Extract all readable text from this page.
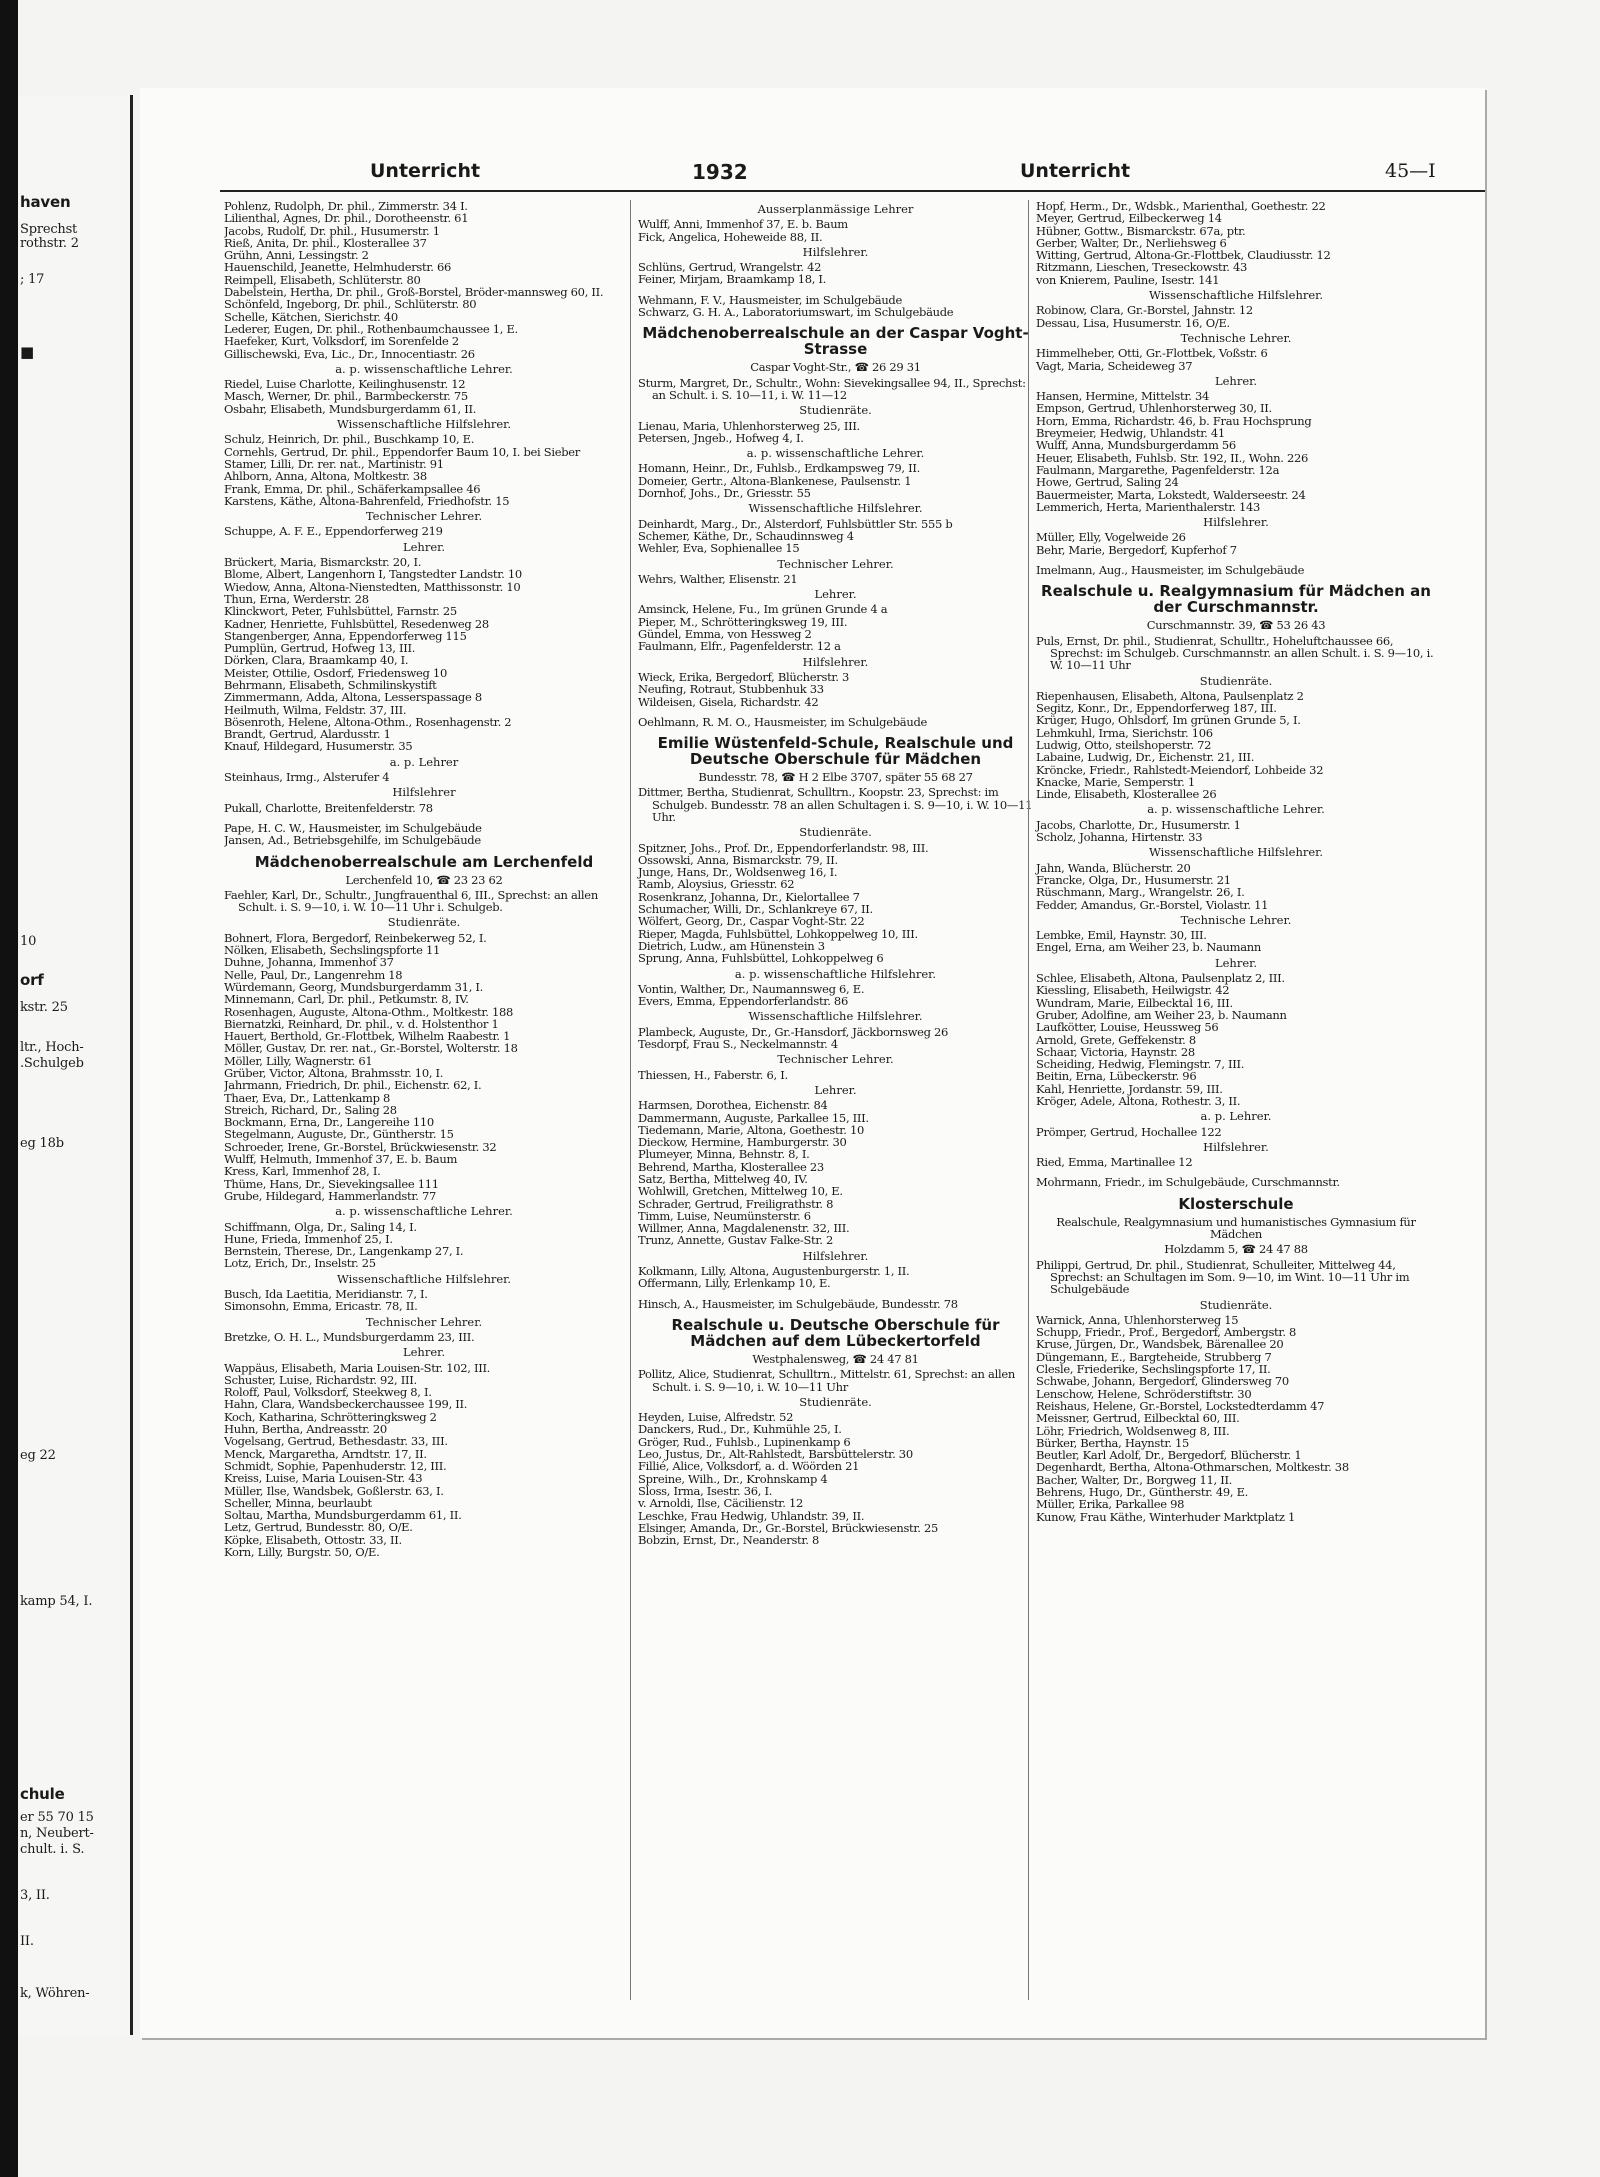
haven
Sprechst
rothstr. 2
; 17
■
10
orf
kstr. 25
ltr., Hoch-
.Schulgeb
eg 18b
eg 22
kamp 54, I.
chule
er 55 70 15
n, Neubert-
chult. i. S.
3, II.
II.
k, Wöhren-
Unterricht	1932	Unterricht	45—I
Pohlenz, Rudolph, Dr. phil., Zimmerstr. 34 I.
Lilienthal, Agnes, Dr. phil., Dorotheenstr. 61
Jacobs, Rudolf, Dr. phil., Husumerstr. 1
Rieß, Anita, Dr. phil., Klosterallee 37
Grühn, Anni, Lessingstr. 2
Hauenschild, Jeanette, Helmhuderstr. 66
Reimpell, Elisabeth, Schlüterstr. 80
Dabelstein, Hertha, Dr. phil., Groß-Borstel, Bröder-mannsweg 60, II.
Schönfeld, Ingeborg, Dr. phil., Schlüterstr. 80
Schelle, Kätchen, Sierichstr. 40
Lederer, Eugen, Dr. phil., Rothenbaumchaussee 1, E.
Haefeker, Kurt, Volksdorf, im Sorenfelde 2
Gillischewski, Eva, Lic., Dr., Innocentiastr. 26
a. p. wissenschaftliche Lehrer.
Riedel, Luise Charlotte, Keilinghusenstr. 12
Masch, Werner, Dr. phil., Barmbeckerstr. 75
Osbahr, Elisabeth, Mundsburgerdamm 61, II.
Wissenschaftliche Hilfslehrer.
Schulz, Heinrich, Dr. phil., Buschkamp 10, E.
Cornehls, Gertrud, Dr. phil., Eppendorfer Baum 10, I. bei Sieber
Stamer, Lilli, Dr. rer. nat., Martinistr. 91
Ahlborn, Anna, Altona, Moltkestr. 38
Frank, Emma, Dr. phil., Schäferkampsallee 46
Karstens, Käthe, Altona-Bahrenfeld, Friedhofstr. 15
Technischer Lehrer.
Schuppe, A. F. E., Eppendorferweg 219
Lehrer.
Brückert, Maria, Bismarckstr. 20, I.
Blome, Albert, Langenhorn I, Tangstedter Landstr. 10
Wiedow, Anna, Altona-Nienstedten, Matthissonstr. 10
Thun, Erna, Werderstr. 28
Klinckwort, Peter, Fuhlsbüttel, Farnstr. 25
Kadner, Henriette, Fuhlsbüttel, Resedenweg 28
Stangenberger, Anna, Eppendorferweg 115
Pumplün, Gertrud, Hofweg 13, III.
Dörken, Clara, Braamkamp 40, I.
Meister, Ottilie, Osdorf, Friedensweg 10
Behrmann, Elisabeth, Schmilinskystift
Zimmermann, Adda, Altona, Lesserspassage 8
Heilmuth, Wilma, Feldstr. 37, III.
Bösenroth, Helene, Altona-Othm., Rosenhagenstr. 2
Brandt, Gertrud, Alardusstr. 1
Knauf, Hildegard, Husumerstr. 35
a. p. Lehrer
Steinhaus, Irmg., Alsterufer 4
Hilfslehrer
Pukall, Charlotte, Breitenfelderstr. 78
Pape, H. C. W., Hausmeister, im Schulgebäude
Jansen, Ad., Betriebsgehilfe, im Schulgebäude
Mädchenoberrealschule am Lerchenfeld
Lerchenfeld 10, ☎ 23 23 62
Faehler, Karl, Dr., Schultr., Jungfrauenthal 6, III., Sprechst: an allen Schult. i. S. 9—10, i. W. 10—11 Uhr i. Schulgeb.
Studienräte.
Bohnert, Flora, Bergedorf, Reinbekerweg 52, I.
Nölken, Elisabeth, Sechslingspforte 11
Duhne, Johanna, Immenhof 37
Nelle, Paul, Dr., Langenrehm 18
Würdemann, Georg, Mundsburgerdamm 31, I.
Minnemann, Carl, Dr. phil., Petkumstr. 8, IV.
Rosenhagen, Auguste, Altona-Othm., Moltkestr. 188
Biernatzki, Reinhard, Dr. phil., v. d. Holstenthor 1
Hauert, Berthold, Gr.-Flottbek, Wilhelm Raabestr. 1
Möller, Gustav, Dr. rer. nat., Gr.-Borstel, Wolterstr. 18
Möller, Lilly, Wagnerstr. 61
Grüber, Victor, Altona, Brahmsstr. 10, I.
Jahrmann, Friedrich, Dr. phil., Eichenstr. 62, I.
Thaer, Eva, Dr., Lattenkamp 8
Streich, Richard, Dr., Saling 28
Bockmann, Erna, Dr., Langereihe 110
Stegelmann, Auguste, Dr., Güntherstr. 15
Schroeder, Irene, Gr.-Borstel, Brückwiesenstr. 32
Wulff, Helmuth, Immenhof 37, E. b. Baum
Kress, Karl, Immenhof 28, I.
Thüme, Hans, Dr., Sievekingsallee 111
Grube, Hildegard, Hammerlandstr. 77
a. p. wissenschaftliche Lehrer.
Schiffmann, Olga, Dr., Saling 14, I.
Hune, Frieda, Immenhof 25, I.
Bernstein, Therese, Dr., Langenkamp 27, I.
Lotz, Erich, Dr., Inselstr. 25
Wissenschaftliche Hilfslehrer.
Busch, Ida Laetitia, Meridianstr. 7, I.
Simonsohn, Emma, Ericastr. 78, II.
Technischer Lehrer.
Bretzke, O. H. L., Mundsburgerdamm 23, III.
Lehrer.
Wappäus, Elisabeth, Maria Louisen-Str. 102, III.
Schuster, Luise, Richardstr. 92, III.
Roloff, Paul, Volksdorf, Steekweg 8, I.
Hahn, Clara, Wandsbeckerchaussee 199, II.
Koch, Katharina, Schrötteringksweg 2
Huhn, Bertha, Andreasstr. 20
Vogelsang, Gertrud, Bethesdastr. 33, III.
Menck, Margaretha, Arndtstr. 17, II.
Schmidt, Sophie, Papenhuderstr. 12, III.
Kreiss, Luise, Maria Louisen-Str. 43
Müller, Ilse, Wandsbek, Goßlerstr. 63, I.
Scheller, Minna, beurlaubt
Soltau, Martha, Mundsburgerdamm 61, II.
Letz, Gertrud, Bundesstr. 80, O/E.
Köpke, Elisabeth, Ottostr. 33, II.
Korn, Lilly, Burgstr. 50, O/E.
Ausserplanmässige Lehrer
Wulff, Anni, Immenhof 37, E. b. Baum
Fick, Angelica, Hoheweide 88, II.
Hilfslehrer.
Schlüns, Gertrud, Wrangelstr. 42
Feiner, Mirjam, Braamkamp 18, I.
Wehmann, F. V., Hausmeister, im Schulgebäude
Schwarz, G. H. A., Laboratoriumswart, im Schulgebäude
Mädchenoberrealschule an der Caspar Voght-Strasse
Caspar Voght-Str., ☎ 26 29 31
Sturm, Margret, Dr., Schultr., Wohn: Sievekingsallee 94, II., Sprechst: an Schult. i. S. 10—11, i. W. 11—12
Studienräte.
Lienau, Maria, Uhlenhorsterweg 25, III.
Petersen, Jngeb., Hofweg 4, I.
a. p. wissenschaftliche Lehrer.
Homann, Heinr., Dr., Fuhlsb., Erdkampsweg 79, II.
Domeier, Gertr., Altona-Blankenese, Paulsenstr. 1
Dornhof, Johs., Dr., Griesstr. 55
Wissenschaftliche Hilfslehrer.
Deinhardt, Marg., Dr., Alsterdorf, Fuhlsbüttler Str. 555 b
Schemer, Käthe, Dr., Schaudinnsweg 4
Wehler, Eva, Sophienallee 15
Technischer Lehrer.
Wehrs, Walther, Elisenstr. 21
Lehrer.
Amsinck, Helene, Fu., Im grünen Grunde 4 a
Pieper, M., Schrötteringksweg 19, III.
Gündel, Emma, von Hessweg 2
Faulmann, Elfr., Pagenfelderstr. 12 a
Hilfslehrer.
Wieck, Erika, Bergedorf, Blücherstr. 3
Neufing, Rotraut, Stubbenhuk 33
Wildeisen, Gisela, Richardstr. 42
Oehlmann, R. M. O., Hausmeister, im Schulgebäude
Emilie Wüstenfeld-Schule, Realschule und Deutsche Oberschule für Mädchen
Bundesstr. 78, ☎ H 2 Elbe 3707, später 55 68 27
Dittmer, Bertha, Studienrat, Schulltrn., Koopstr. 23, Sprechst: im Schulgeb. Bundesstr. 78 an allen Schultagen i. S. 9—10, i. W. 10—11 Uhr.
Studienräte.
Spitzner, Johs., Prof. Dr., Eppendorferlandstr. 98, III.
Ossowski, Anna, Bismarckstr. 79, II.
Junge, Hans, Dr., Woldsenweg 16, I.
Ramb, Aloysius, Griesstr. 62
Rosenkranz, Johanna, Dr., Kielortallee 7
Schumacher, Willi, Dr., Schlankreye 67, II.
Wölfert, Georg, Dr., Caspar Voght-Str. 22
Rieper, Magda, Fuhlsbüttel, Lohkoppelweg 10, III.
Dietrich, Ludw., am Hünenstein 3
Sprung, Anna, Fuhlsbüttel, Lohkoppelweg 6
a. p. wissenschaftliche Hilfslehrer.
Vontin, Walther, Dr., Naumannsweg 6, E.
Evers, Emma, Eppendorferlandstr. 86
Wissenschaftliche Hilfslehrer.
Plambeck, Auguste, Dr., Gr.-Hansdorf, Jäckbornsweg 26
Tesdorpf, Frau S., Neckelmannstr. 4
Technischer Lehrer.
Thiessen, H., Faberstr. 6, I.
Lehrer.
Harmsen, Dorothea, Eichenstr. 84
Dammermann, Auguste, Parkallee 15, III.
Tiedemann, Marie, Altona, Goethestr. 10
Dieckow, Hermine, Hamburgerstr. 30
Plumeyer, Minna, Behnstr. 8, I.
Behrend, Martha, Klosterallee 23
Satz, Bertha, Mittelweg 40, IV.
Wohlwill, Gretchen, Mittelweg 10, E.
Schrader, Gertrud, Freiligrathstr. 8
Timm, Luise, Neumünsterstr. 6
Willmer, Anna, Magdalenenstr. 32, III.
Trunz, Annette, Gustav Falke-Str. 2
Hilfslehrer.
Kolkmann, Lilly, Altona, Augustenburgerstr. 1, II.
Offermann, Lilly, Erlenkamp 10, E.
Hinsch, A., Hausmeister, im Schulgebäude, Bundesstr. 78
Realschule u. Deutsche Oberschule für Mädchen auf dem Lübeckertorfeld
Westphalensweg, ☎ 24 47 81
Pollitz, Alice, Studienrat, Schulltrn., Mittelstr. 61, Sprechst: an allen Schult. i. S. 9—10, i. W. 10—11 Uhr
Studienräte.
Heyden, Luise, Alfredstr. 52
Danckers, Rud., Dr., Kuhmühle 25, I.
Gröger, Rud., Fuhlsb., Lupinenkamp 6
Leo, Justus, Dr., Alt-Rahlstedt, Barsbüttelerstr. 30
Fillié, Alice, Volksdorf, a. d. Wöörden 21
Spreine, Wilh., Dr., Krohnskamp 4
Sloss, Irma, Isestr. 36, I.
v. Arnoldi, Ilse, Cäcilienstr. 12
Leschke, Frau Hedwig, Uhlandstr. 39, II.
Elsinger, Amanda, Dr., Gr.-Borstel, Brückwiesenstr. 25
Bobzin, Ernst, Dr., Neanderstr. 8
Hopf, Herm., Dr., Wdsbk., Marienthal, Goethestr. 22
Meyer, Gertrud, Eilbeckerweg 14
Hübner, Gottw., Bismarckstr. 67a, ptr.
Gerber, Walter, Dr., Nerliehsweg 6
Witting, Gertrud, Altona-Gr.-Flottbek, Claudiusstr. 12
Ritzmann, Lieschen, Treseckowstr. 43
von Knierem, Pauline, Isestr. 141
Wissenschaftliche Hilfslehrer.
Robinow, Clara, Gr.-Borstel, Jahnstr. 12
Dessau, Lisa, Husumerstr. 16, O/E.
Technische Lehrer.
Himmelheber, Otti, Gr.-Flottbek, Voßstr. 6
Vagt, Maria, Scheideweg 37
Lehrer.
Hansen, Hermine, Mittelstr. 34
Empson, Gertrud, Uhlenhorsterweg 30, II.
Horn, Emma, Richardstr. 46, b. Frau Hochsprung
Breymeier, Hedwig, Uhlandstr. 41
Wulff, Anna, Mundsburgerdamm 56
Heuer, Elisabeth, Fuhlsb. Str. 192, II., Wohn. 226
Faulmann, Margarethe, Pagenfelderstr. 12a
Howe, Gertrud, Saling 24
Bauermeister, Marta, Lokstedt, Walderseestr. 24
Lemmerich, Herta, Marienthalerstr. 143
Hilfslehrer.
Müller, Elly, Vogelweide 26
Behr, Marie, Bergedorf, Kupferhof 7
Imelmann, Aug., Hausmeister, im Schulgebäude
Realschule u. Realgymnasium für Mädchen an der Curschmannstr.
Curschmannstr. 39, ☎ 53 26 43
Puls, Ernst, Dr. phil., Studienrat, Schulltr., Hoheluftchaussee 66, Sprechst: im Schulgeb. Curschmannstr. an allen Schult. i. S. 9—10, i. W. 10—11 Uhr
Studienräte.
Riepenhausen, Elisabeth, Altona, Paulsenplatz 2
Segitz, Konr., Dr., Eppendorferweg 187, III.
Krüger, Hugo, Ohlsdorf, Im grünen Grunde 5, I.
Lehmkuhl, Irma, Sierichstr. 106
Ludwig, Otto, steilshoperstr. 72
Labaine, Ludwig, Dr., Eichenstr. 21, III.
Kröncke, Friedr., Rahlstedt-Meiendorf, Lohbeide 32
Knacke, Marie, Semperstr. 1
Linde, Elisabeth, Klosterallee 26
a. p. wissenschaftliche Lehrer.
Jacobs, Charlotte, Dr., Husumerstr. 1
Scholz, Johanna, Hirtenstr. 33
Wissenschaftliche Hilfslehrer.
Jahn, Wanda, Blücherstr. 20
Francke, Olga, Dr., Husumerstr. 21
Rüschmann, Marg., Wrangelstr. 26, I.
Fedder, Amandus, Gr.-Borstel, Violastr. 11
Technische Lehrer.
Lembke, Emil, Haynstr. 30, III.
Engel, Erna, am Weiher 23, b. Naumann
Lehrer.
Schlee, Elisabeth, Altona, Paulsenplatz 2, III.
Kiessling, Elisabeth, Heilwigstr. 42
Wundram, Marie, Eilbecktal 16, III.
Gruber, Adolfine, am Weiher 23, b. Naumann
Laufkötter, Louise, Heussweg 56
Arnold, Grete, Geffekenstr. 8
Schaar, Victoria, Haynstr. 28
Scheiding, Hedwig, Flemingstr. 7, III.
Beitin, Erna, Lübeckerstr. 96
Kahl, Henriette, Jordanstr. 59, III.
Kröger, Adele, Altona, Rothestr. 3, II.
a. p. Lehrer.
Prömper, Gertrud, Hochallee 122
Hilfslehrer.
Ried, Emma, Martinallee 12
Mohrmann, Friedr., im Schulgebäude, Curschmannstr.
Klosterschule
Realschule, Realgymnasium und humanistisches Gymnasium für Mädchen
Holzdamm 5, ☎ 24 47 88
Philippi, Gertrud, Dr. phil., Studienrat, Schulleiter, Mittelweg 44, Sprechst: an Schultagen im Som. 9—10, im Wint. 10—11 Uhr im Schulgebäude
Studienräte.
Warnick, Anna, Uhlenhorsterweg 15
Schupp, Friedr., Prof., Bergedorf, Ambergstr. 8
Kruse, Jürgen, Dr., Wandsbek, Bärenallee 20
Düngemann, E., Bargteheide, Strubberg 7
Clesle, Friederike, Sechslingspforte 17, II.
Schwabe, Johann, Bergedorf, Glindersweg 70
Lenschow, Helene, Schröderstiftstr. 30
Reishaus, Helene, Gr.-Borstel, Lockstedterdamm 47
Meissner, Gertrud, Eilbecktal 60, III.
Löhr, Friedrich, Woldsenweg 8, III.
Bürker, Bertha, Haynstr. 15
Beutler, Karl Adolf, Dr., Bergedorf, Blücherstr. 1
Degenhardt, Bertha, Altona-Othmarschen, Moltkestr. 38
Bacher, Walter, Dr., Borgweg 11, II.
Behrens, Hugo, Dr., Güntherstr. 49, E.
Müller, Erika, Parkallee 98
Kunow, Frau Käthe, Winterhuder Marktplatz 1
